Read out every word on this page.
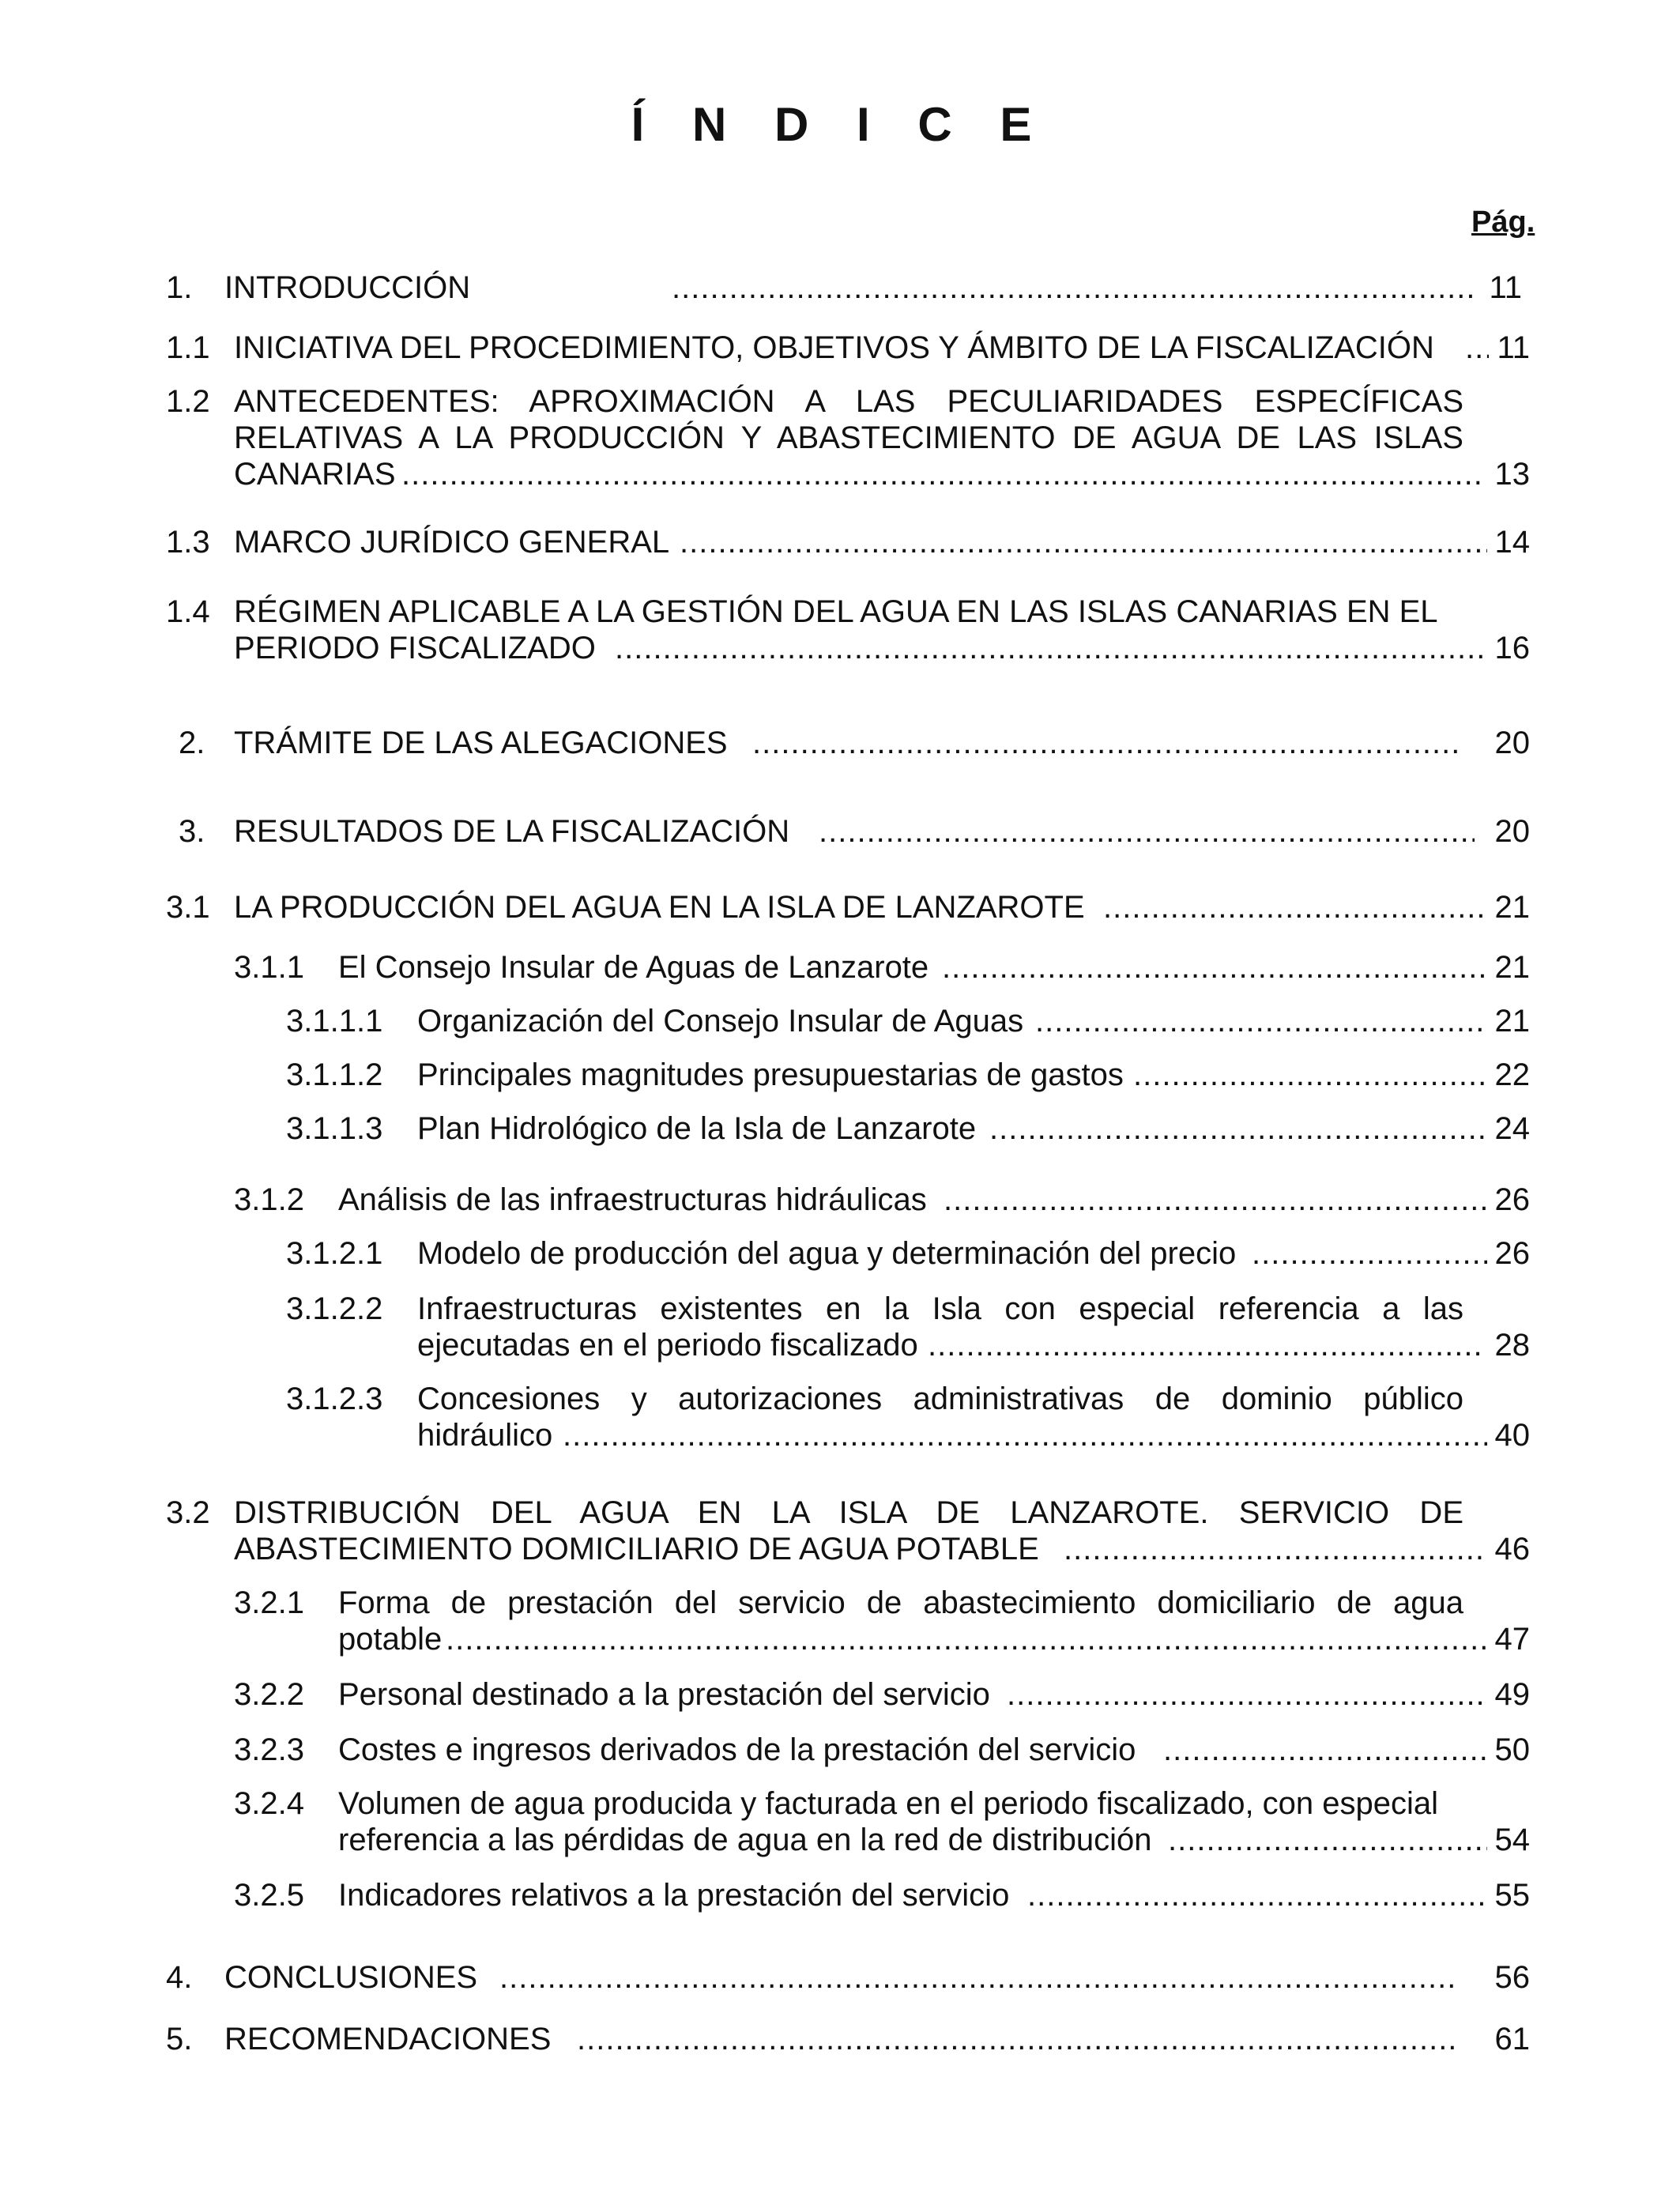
Í N D I C E
Pág.
1. INTRODUCCIÓN .....	11
1.1 INICIATIVA DEL PROCEDIMIENTO, OBJETIVOS Y ÁMBITO DE LA FISCALIZACIÓN .....	11
1.2 ANTECEDENTES: APROXIMACIÓN A LAS PECULIARIDADES ESPECÍFICAS
RELATIVAS A LA PRODUCCIÓN Y ABASTECIMIENTO DE AGUA DE LAS ISLAS
CANARIAS .....	13
1.3 MARCO JURÍDICO GENERAL .....	14
1.4 RÉGIMEN APLICABLE A LA GESTIÓN DEL AGUA EN LAS ISLAS CANARIAS EN EL
PERIODO FISCALIZADO .....	16
2. TRÁMITE DE LAS ALEGACIONES .....	20
3. RESULTADOS DE LA FISCALIZACIÓN .....	20
3.1 LA PRODUCCIÓN DEL AGUA EN LA ISLA DE LANZAROTE .....	21
3.1.1 El Consejo Insular de Aguas de Lanzarote .....	21
3.1.1.1 Organización del Consejo Insular de Aguas .....	21
3.1.1.2 Principales magnitudes presupuestarias de gastos .....	22
3.1.1.3 Plan Hidrológico de la Isla de Lanzarote .....	24
3.1.2 Análisis de las infraestructuras hidráulicas .....	26
3.1.2.1 Modelo de producción del agua y determinación del precio .....	26
3.1.2.2 Infraestructuras existentes en la Isla con especial referencia a las
ejecutadas en el periodo fiscalizado .....	28
3.1.2.3 Concesiones y autorizaciones administrativas de dominio público
hidráulico .....	40
3.2 DISTRIBUCIÓN DEL AGUA EN LA ISLA DE LANZAROTE. SERVICIO DE
ABASTECIMIENTO DOMICILIARIO DE AGUA POTABLE .....	46
3.2.1 Forma de prestación del servicio de abastecimiento domiciliario de agua
potable .....	47
3.2.2 Personal destinado a la prestación del servicio .....	49
3.2.3 Costes e ingresos derivados de la prestación del servicio .....	50
3.2.4 Volumen de agua producida y facturada en el periodo fiscalizado, con especial
referencia a las pérdidas de agua en la red de distribución .....	54
3.2.5 Indicadores relativos a la prestación del servicio .....	55
4. CONCLUSIONES .....	56
5. RECOMENDACIONES .....	61
